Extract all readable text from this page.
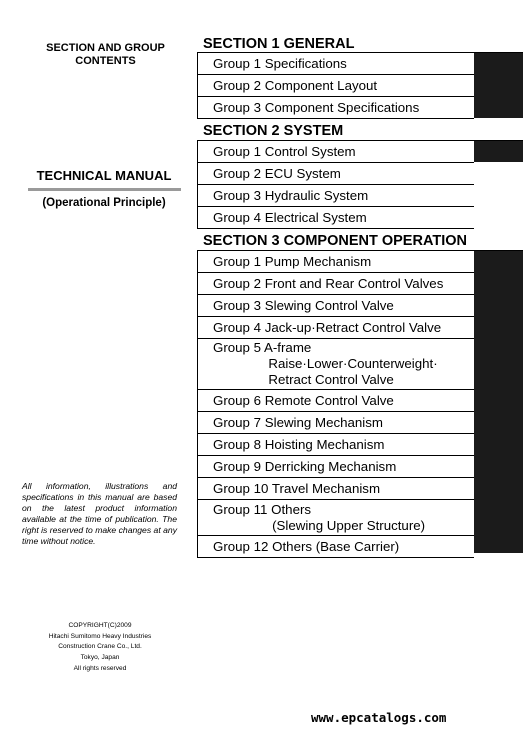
SECTION AND GROUP
CONTENTS
TECHNICAL MANUAL
(Operational Principle)
All information, illustrations and specifications in this manual are based on the latest product information available at the time of publication. The right is reserved to make changes at any time without notice.
COPYRIGHT(C)2009
Hitachi Sumitomo Heavy Industries
Construction Crane Co., Ltd.
Tokyo, Japan
All rights reserved
www.epcatalogs.com
SECTION 1 GENERAL
Group 1 Specifications
Group 2 Component Layout
Group 3 Component Specifications
SECTION 2 SYSTEM
Group 1 Control System
Group 2 ECU System
Group 3 Hydraulic System
Group 4 Electrical System
SECTION 3 COMPONENT OPERATION
Group 1 Pump Mechanism
Group 2 Front and Rear Control Valves
Group 3 Slewing Control Valve
Group 4 Jack-up·Retract Control Valve
Group 5 A-frame
Raise·Lower·Counterweight·
Retract Control Valve
Group 6 Remote Control Valve
Group 7 Slewing Mechanism
Group 8 Hoisting Mechanism
Group 9 Derricking Mechanism
Group 10 Travel Mechanism
Group 11 Others
(Slewing Upper Structure)
Group 12 Others (Base Carrier)
